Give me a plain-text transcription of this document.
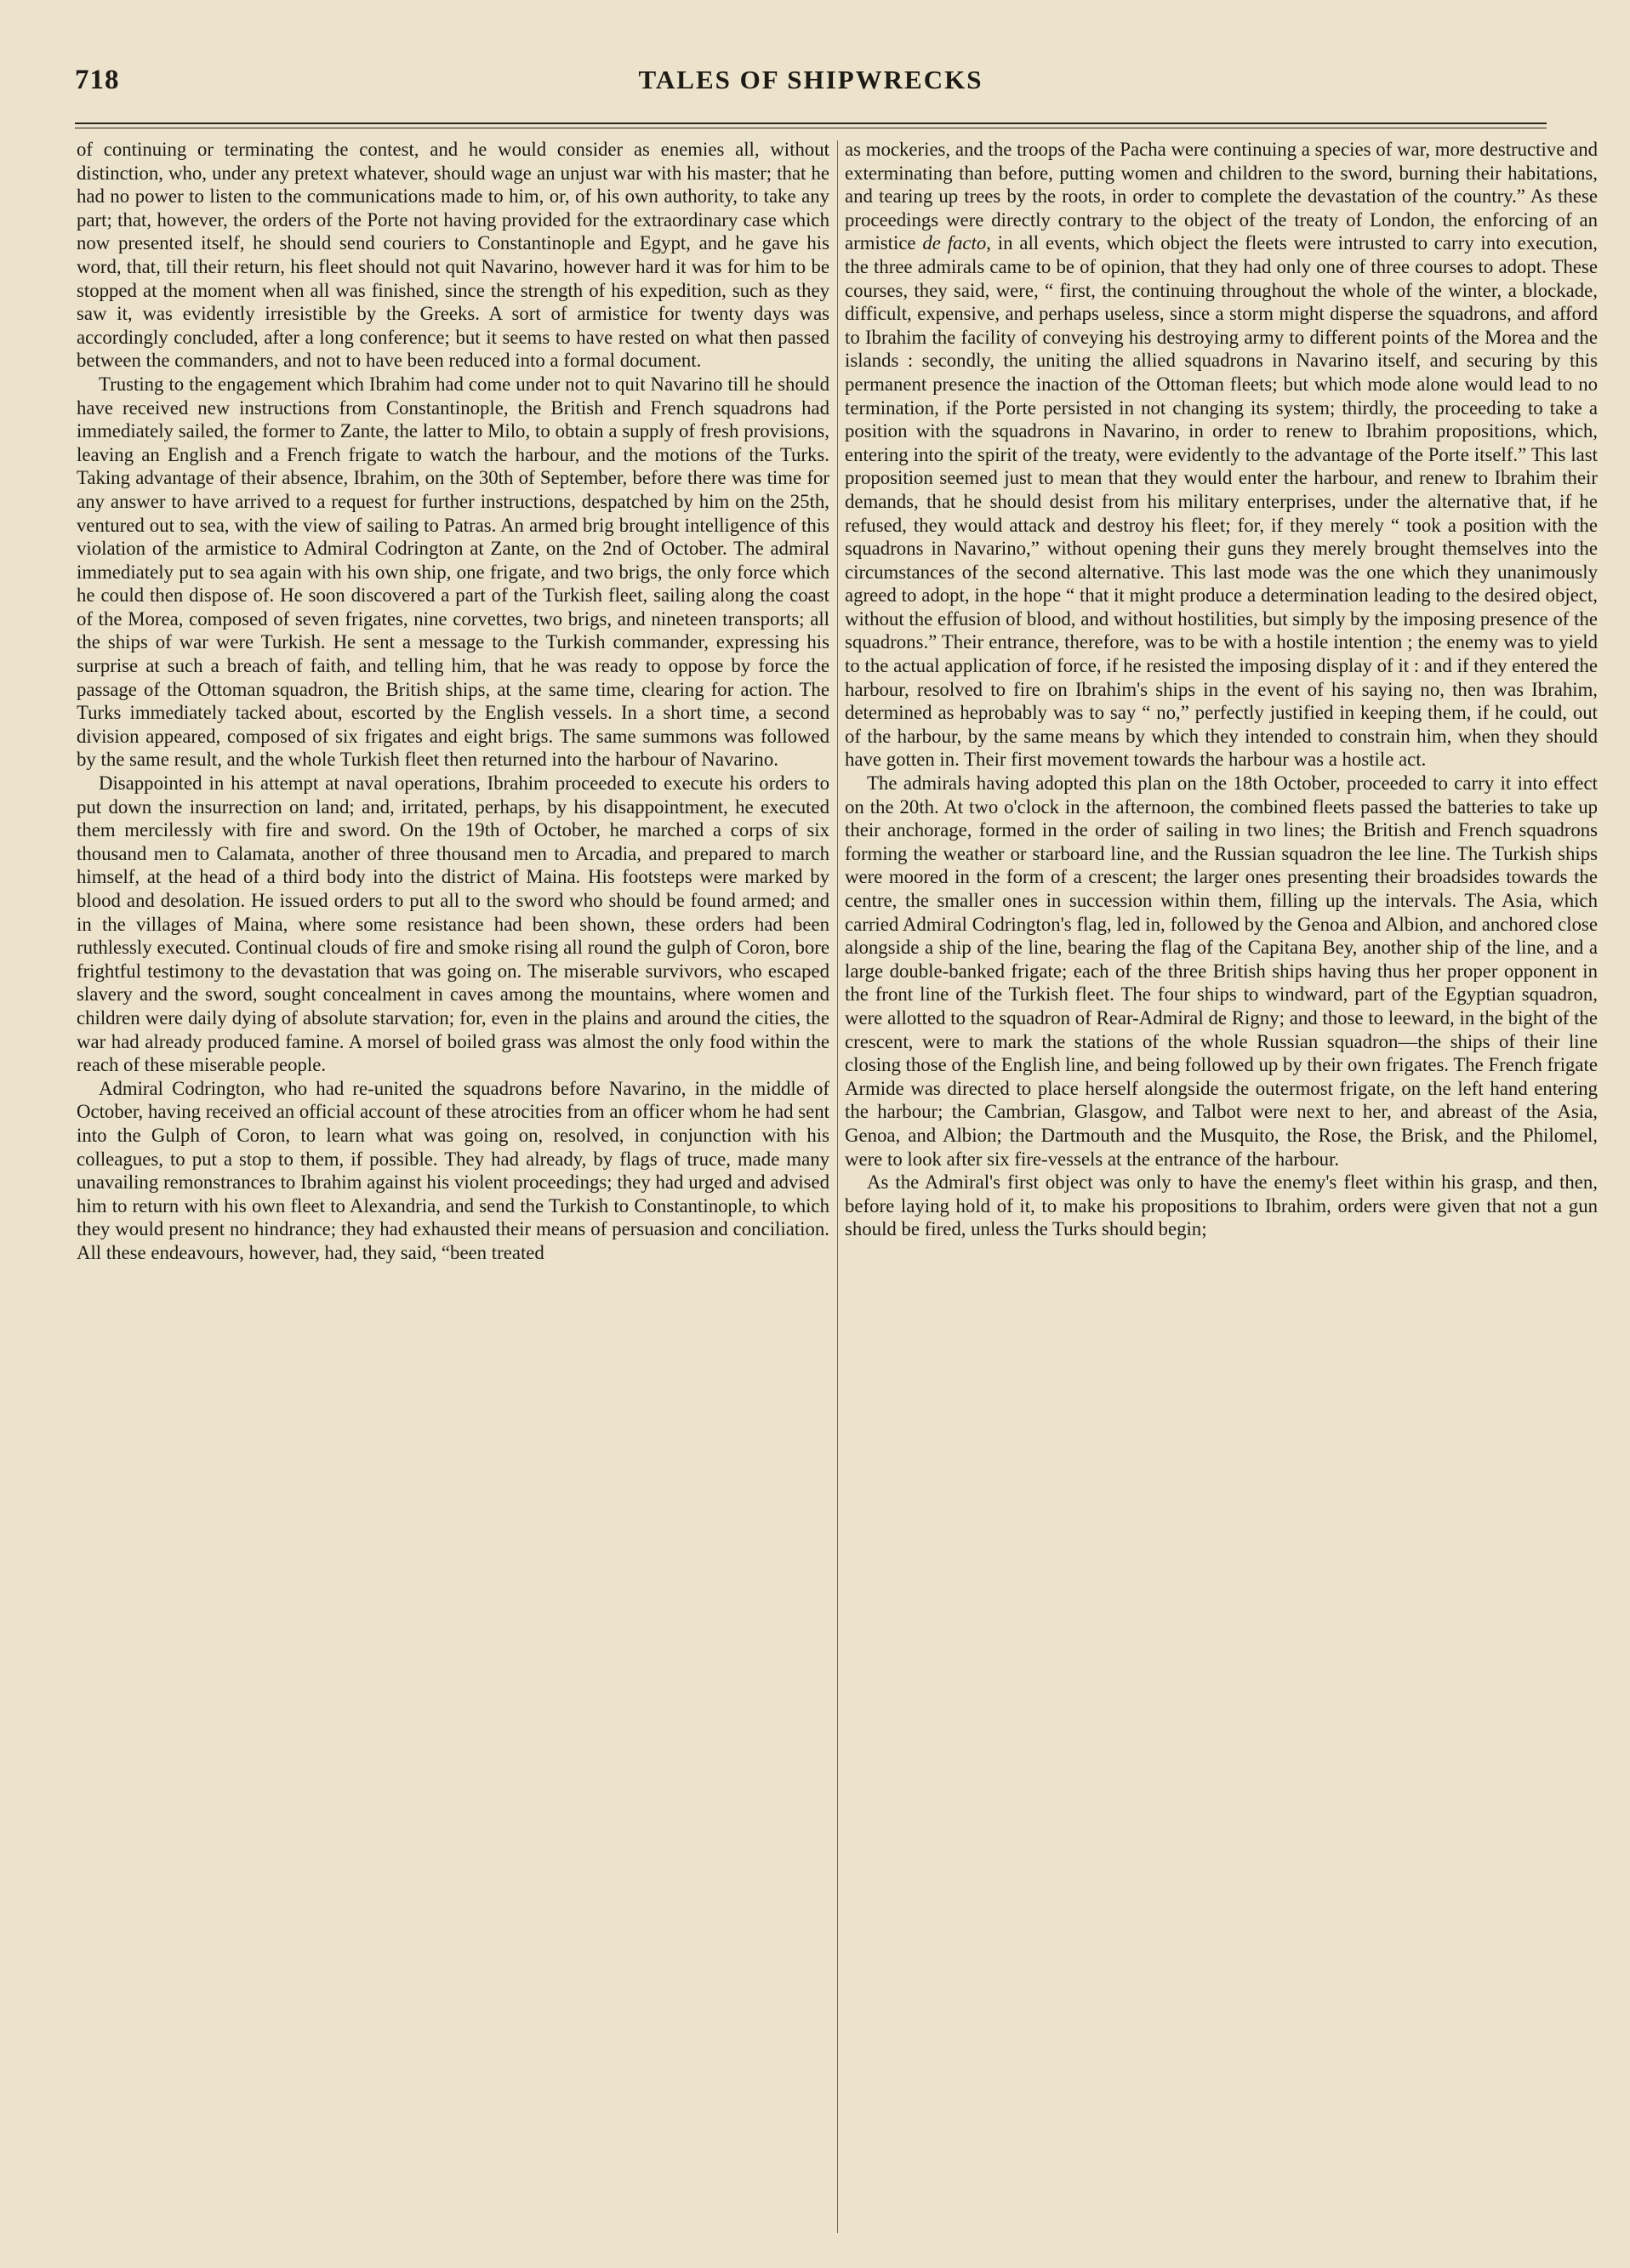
718	TALES OF SHIPWRECKS

of continuing or terminating the contest, and he would consider as enemies all, without distinction, who, under any pretext whatever, should wage an unjust war with his master; that he had no power to listen to the communications made to him, or, of his own authority, to take any part; that, however, the orders of the Porte not having provided for the extraordinary case which now presented itself, he should send couriers to Constantinople and Egypt, and he gave his word, that, till their return, his fleet should not quit Navarino, however hard it was for him to be stopped at the moment when all was finished, since the strength of his expedition, such as they saw it, was evidently irresistible by the Greeks. A sort of armistice for twenty days was accordingly concluded, after a long conference; but it seems to have rested on what then passed between the commanders, and not to have been reduced into a formal document.

Trusting to the engagement which Ibrahim had come under not to quit Navarino till he should have received new instructions from Constantinople, the British and French squadrons had immediately sailed, the former to Zante, the latter to Milo, to obtain a supply of fresh provisions, leaving an English and a French frigate to watch the harbour, and the motions of the Turks. Taking advantage of their absence, Ibrahim, on the 30th of September, before there was time for any answer to have arrived to a request for further instructions, despatched by him on the 25th, ventured out to sea, with the view of sailing to Patras. An armed brig brought intelligence of this violation of the armistice to Admiral Codrington at Zante, on the 2nd of October. The admiral immediately put to sea again with his own ship, one frigate, and two brigs, the only force which he could then dispose of. He soon discovered a part of the Turkish fleet, sailing along the coast of the Morea, composed of seven frigates, nine corvettes, two brigs, and nineteen transports; all the ships of war were Turkish. He sent a message to the Turkish commander, expressing his surprise at such a breach of faith, and telling him, that he was ready to oppose by force the passage of the Ottoman squadron, the British ships, at the same time, clearing for action. The Turks immediately tacked about, escorted by the English vessels. In a short time, a second division appeared, composed of six frigates and eight brigs. The same summons was followed by the same result, and the whole Turkish fleet then returned into the harbour of Navarino.

Disappointed in his attempt at naval operations, Ibrahim proceeded to execute his orders to put down the insurrection on land; and, irritated, perhaps, by his disappointment, he executed them mercilessly with fire and sword. On the 19th of October, he marched a corps of six thousand men to Calamata, another of three thousand men to Arcadia, and prepared to march himself, at the head of a third body into the district of Maina. His footsteps were marked by blood and desolation. He issued orders to put all to the sword who should be found armed; and in the villages of Maina, where some resistance had been shown, these orders had been ruthlessly executed. Continual clouds of fire and smoke rising all round the gulph of Coron, bore frightful testimony to the devastation that was going on. The miserable survivors, who escaped slavery and the sword, sought concealment in caves among the mountains, where women and children were daily dying of absolute starvation; for, even in the plains and around the cities, the war had already produced famine. A morsel of boiled grass was almost the only food within the reach of these miserable people.

Admiral Codrington, who had re-united the squadrons before Navarino, in the middle of October, having received an official account of these atrocities from an officer whom he had sent into the Gulph of Coron, to learn what was going on, resolved, in conjunction with his colleagues, to put a stop to them, if possible. They had already, by flags of truce, made many unavailing remonstrances to Ibrahim against his violent proceedings; they had urged and advised him to return with his own fleet to Alexandria, and send the Turkish to Constantinople, to which they would present no hindrance; they had exhausted their means of persuasion and conciliation. All these endeavours, however, had, they said, “been treated

as mockeries, and the troops of the Pacha were continuing a species of war, more destructive and exterminating than before, putting women and children to the sword, burning their habitations, and tearing up trees by the roots, in order to complete the devastation of the country.” As these proceedings were directly contrary to the object of the treaty of London, the enforcing of an armistice de facto, in all events, which object the fleets were intrusted to carry into execution, the three admirals came to be of opinion, that they had only one of three courses to adopt. These courses, they said, were, “ first, the continuing throughout the whole of the winter, a blockade, difficult, expensive, and perhaps useless, since a storm might disperse the squadrons, and afford to Ibrahim the facility of conveying his destroying army to different points of the Morea and the islands : secondly, the uniting the allied squadrons in Navarino itself, and securing by this permanent presence the inaction of the Ottoman fleets; but which mode alone would lead to no termination, if the Porte persisted in not changing its system; thirdly, the proceeding to take a position with the squadrons in Navarino, in order to renew to Ibrahim propositions, which, entering into the spirit of the treaty, were evidently to the advantage of the Porte itself.” This last proposition seemed just to mean that they would enter the harbour, and renew to Ibrahim their demands, that he should desist from his military enterprises, under the alternative that, if he refused, they would attack and destroy his fleet; for, if they merely “ took a position with the squadrons in Navarino,” without opening their guns they merely brought themselves into the circumstances of the second alternative. This last mode was the one which they unanimously agreed to adopt, in the hope “ that it might produce a determination leading to the desired object, without the effusion of blood, and without hostilities, but simply by the imposing presence of the squadrons.” Their entrance, therefore, was to be with a hostile intention ; the enemy was to yield to the actual application of force, if he resisted the imposing display of it : and if they entered the harbour, resolved to fire on Ibrahim's ships in the event of his saying no, then was Ibrahim, determined as heprobably was to say “ no,” perfectly justified in keeping them, if he could, out of the harbour, by the same means by which they intended to constrain him, when they should have gotten in. Their first movement towards the harbour was a hostile act.

The admirals having adopted this plan on the 18th October, proceeded to carry it into effect on the 20th. At two o'clock in the afternoon, the combined fleets passed the batteries to take up their anchorage, formed in the order of sailing in two lines; the British and French squadrons forming the weather or starboard line, and the Russian squadron the lee line. The Turkish ships were moored in the form of a crescent; the larger ones presenting their broadsides towards the centre, the smaller ones in succession within them, filling up the intervals. The Asia, which carried Admiral Codrington's flag, led in, followed by the Genoa and Albion, and anchored close alongside a ship of the line, bearing the flag of the Capitana Bey, another ship of the line, and a large double-banked frigate; each of the three British ships having thus her proper opponent in the front line of the Turkish fleet. The four ships to windward, part of the Egyptian squadron, were allotted to the squadron of Rear-Admiral de Rigny; and those to leeward, in the bight of the crescent, were to mark the stations of the whole Russian squadron—the ships of their line closing those of the English line, and being followed up by their own frigates. The French frigate Armide was directed to place herself alongside the outermost frigate, on the left hand entering the harbour; the Cambrian, Glasgow, and Talbot were next to her, and abreast of the Asia, Genoa, and Albion; the Dartmouth and the Musquito, the Rose, the Brisk, and the Philomel, were to look after six fire-vessels at the entrance of the harbour.

As the Admiral's first object was only to have the enemy's fleet within his grasp, and then, before laying hold of it, to make his propositions to Ibrahim, orders were given that not a gun should be fired, unless the Turks should begin;
